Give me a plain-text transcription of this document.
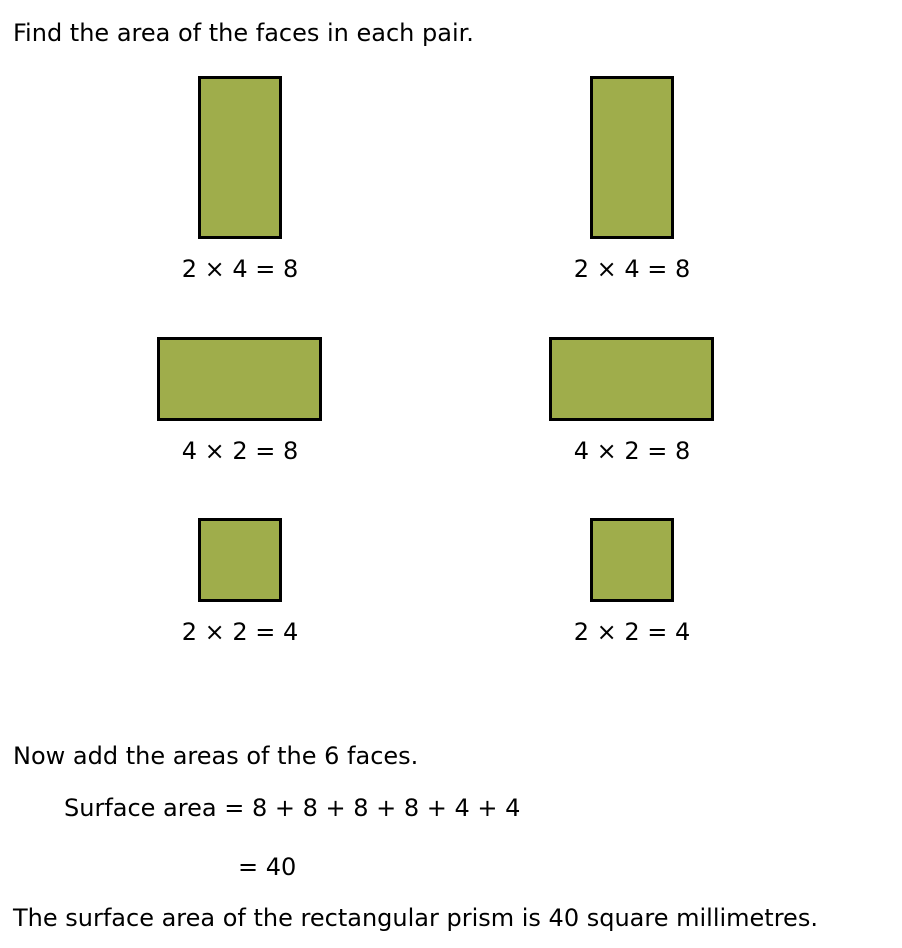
Find the area of the faces in each pair.
2 × 4 = 8	2 × 4 = 8
4 × 2 = 8	4 × 2 = 8
2 × 2 = 4	2 × 2 = 4
Now add the areas of the 6 faces.
Surface area = 8 + 8 + 8 + 8 + 4 + 4
= 40
The surface area of the rectangular prism is 40 square millimetres.
